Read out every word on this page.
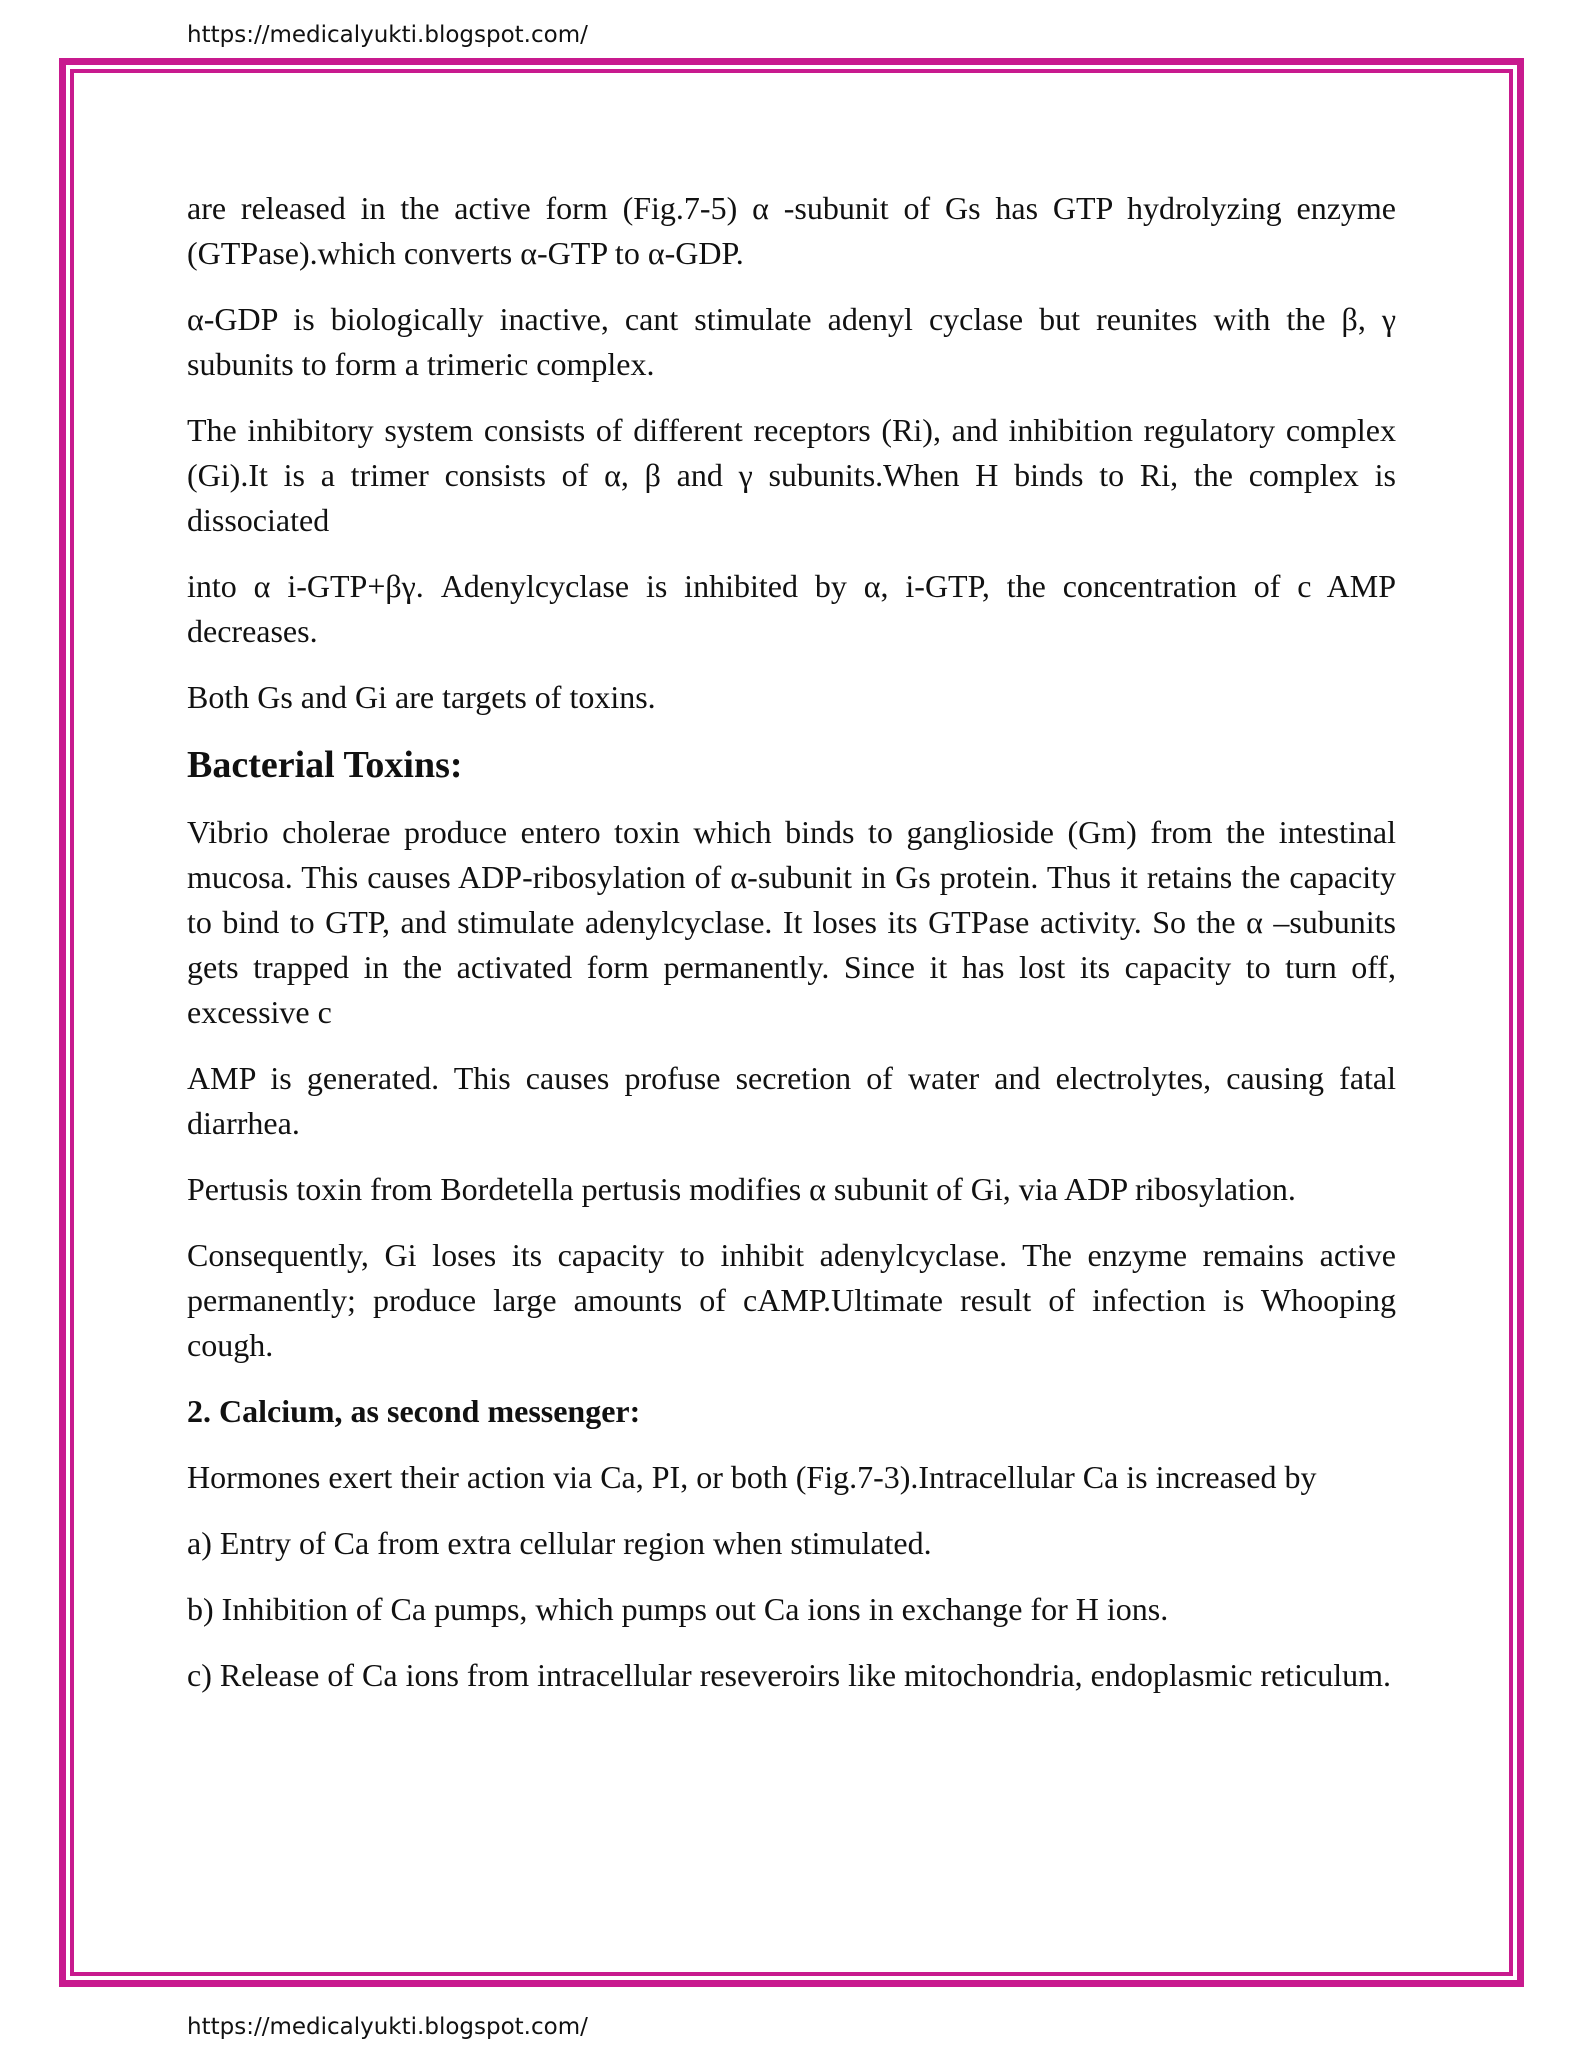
https://medicalyukti.blogspot.com/

are released in the active form (Fig.7-5) α -subunit of Gs has GTP hydrolyzing enzyme (GTPase).which converts α-GTP to α-GDP.

α-GDP is biologically inactive, cant stimulate adenyl cyclase but reunites with the β, γ subunits to form a trimeric complex.

The inhibitory system consists of different receptors (Ri), and inhibition regulatory complex (Gi).It is a trimer consists of α, β and γ subunits.When H binds to Ri, the complex is dissociated

into α i-GTP+βγ. Adenylcyclase is inhibited by α, i-GTP, the concentration of c AMP decreases.

Both Gs and Gi are targets of toxins.

Bacterial Toxins:

Vibrio cholerae produce entero toxin which binds to ganglioside (Gm) from the intestinal mucosa. This causes ADP-ribosylation of α-subunit in Gs protein. Thus it retains the capacity to bind to GTP, and stimulate adenylcyclase. It loses its GTPase activity. So the α –subunits gets trapped in the activated form permanently. Since it has lost its capacity to turn off, excessive c

AMP is generated. This causes profuse secretion of water and electrolytes, causing fatal diarrhea.

Pertusis toxin from Bordetella pertusis modifies α subunit of Gi, via ADP ribosylation.

Consequently, Gi loses its capacity to inhibit adenylcyclase. The enzyme remains active permanently; produce large amounts of cAMP.Ultimate result of infection is Whooping cough.

2. Calcium, as second messenger:

Hormones exert their action via Ca, PI, or both (Fig.7-3).Intracellular Ca is increased by

a) Entry of Ca from extra cellular region when stimulated.

b) Inhibition of Ca pumps, which pumps out Ca ions in exchange for H ions.

c) Release of Ca ions from intracellular reseveroirs like mitochondria, endoplasmic reticulum.

https://medicalyukti.blogspot.com/
